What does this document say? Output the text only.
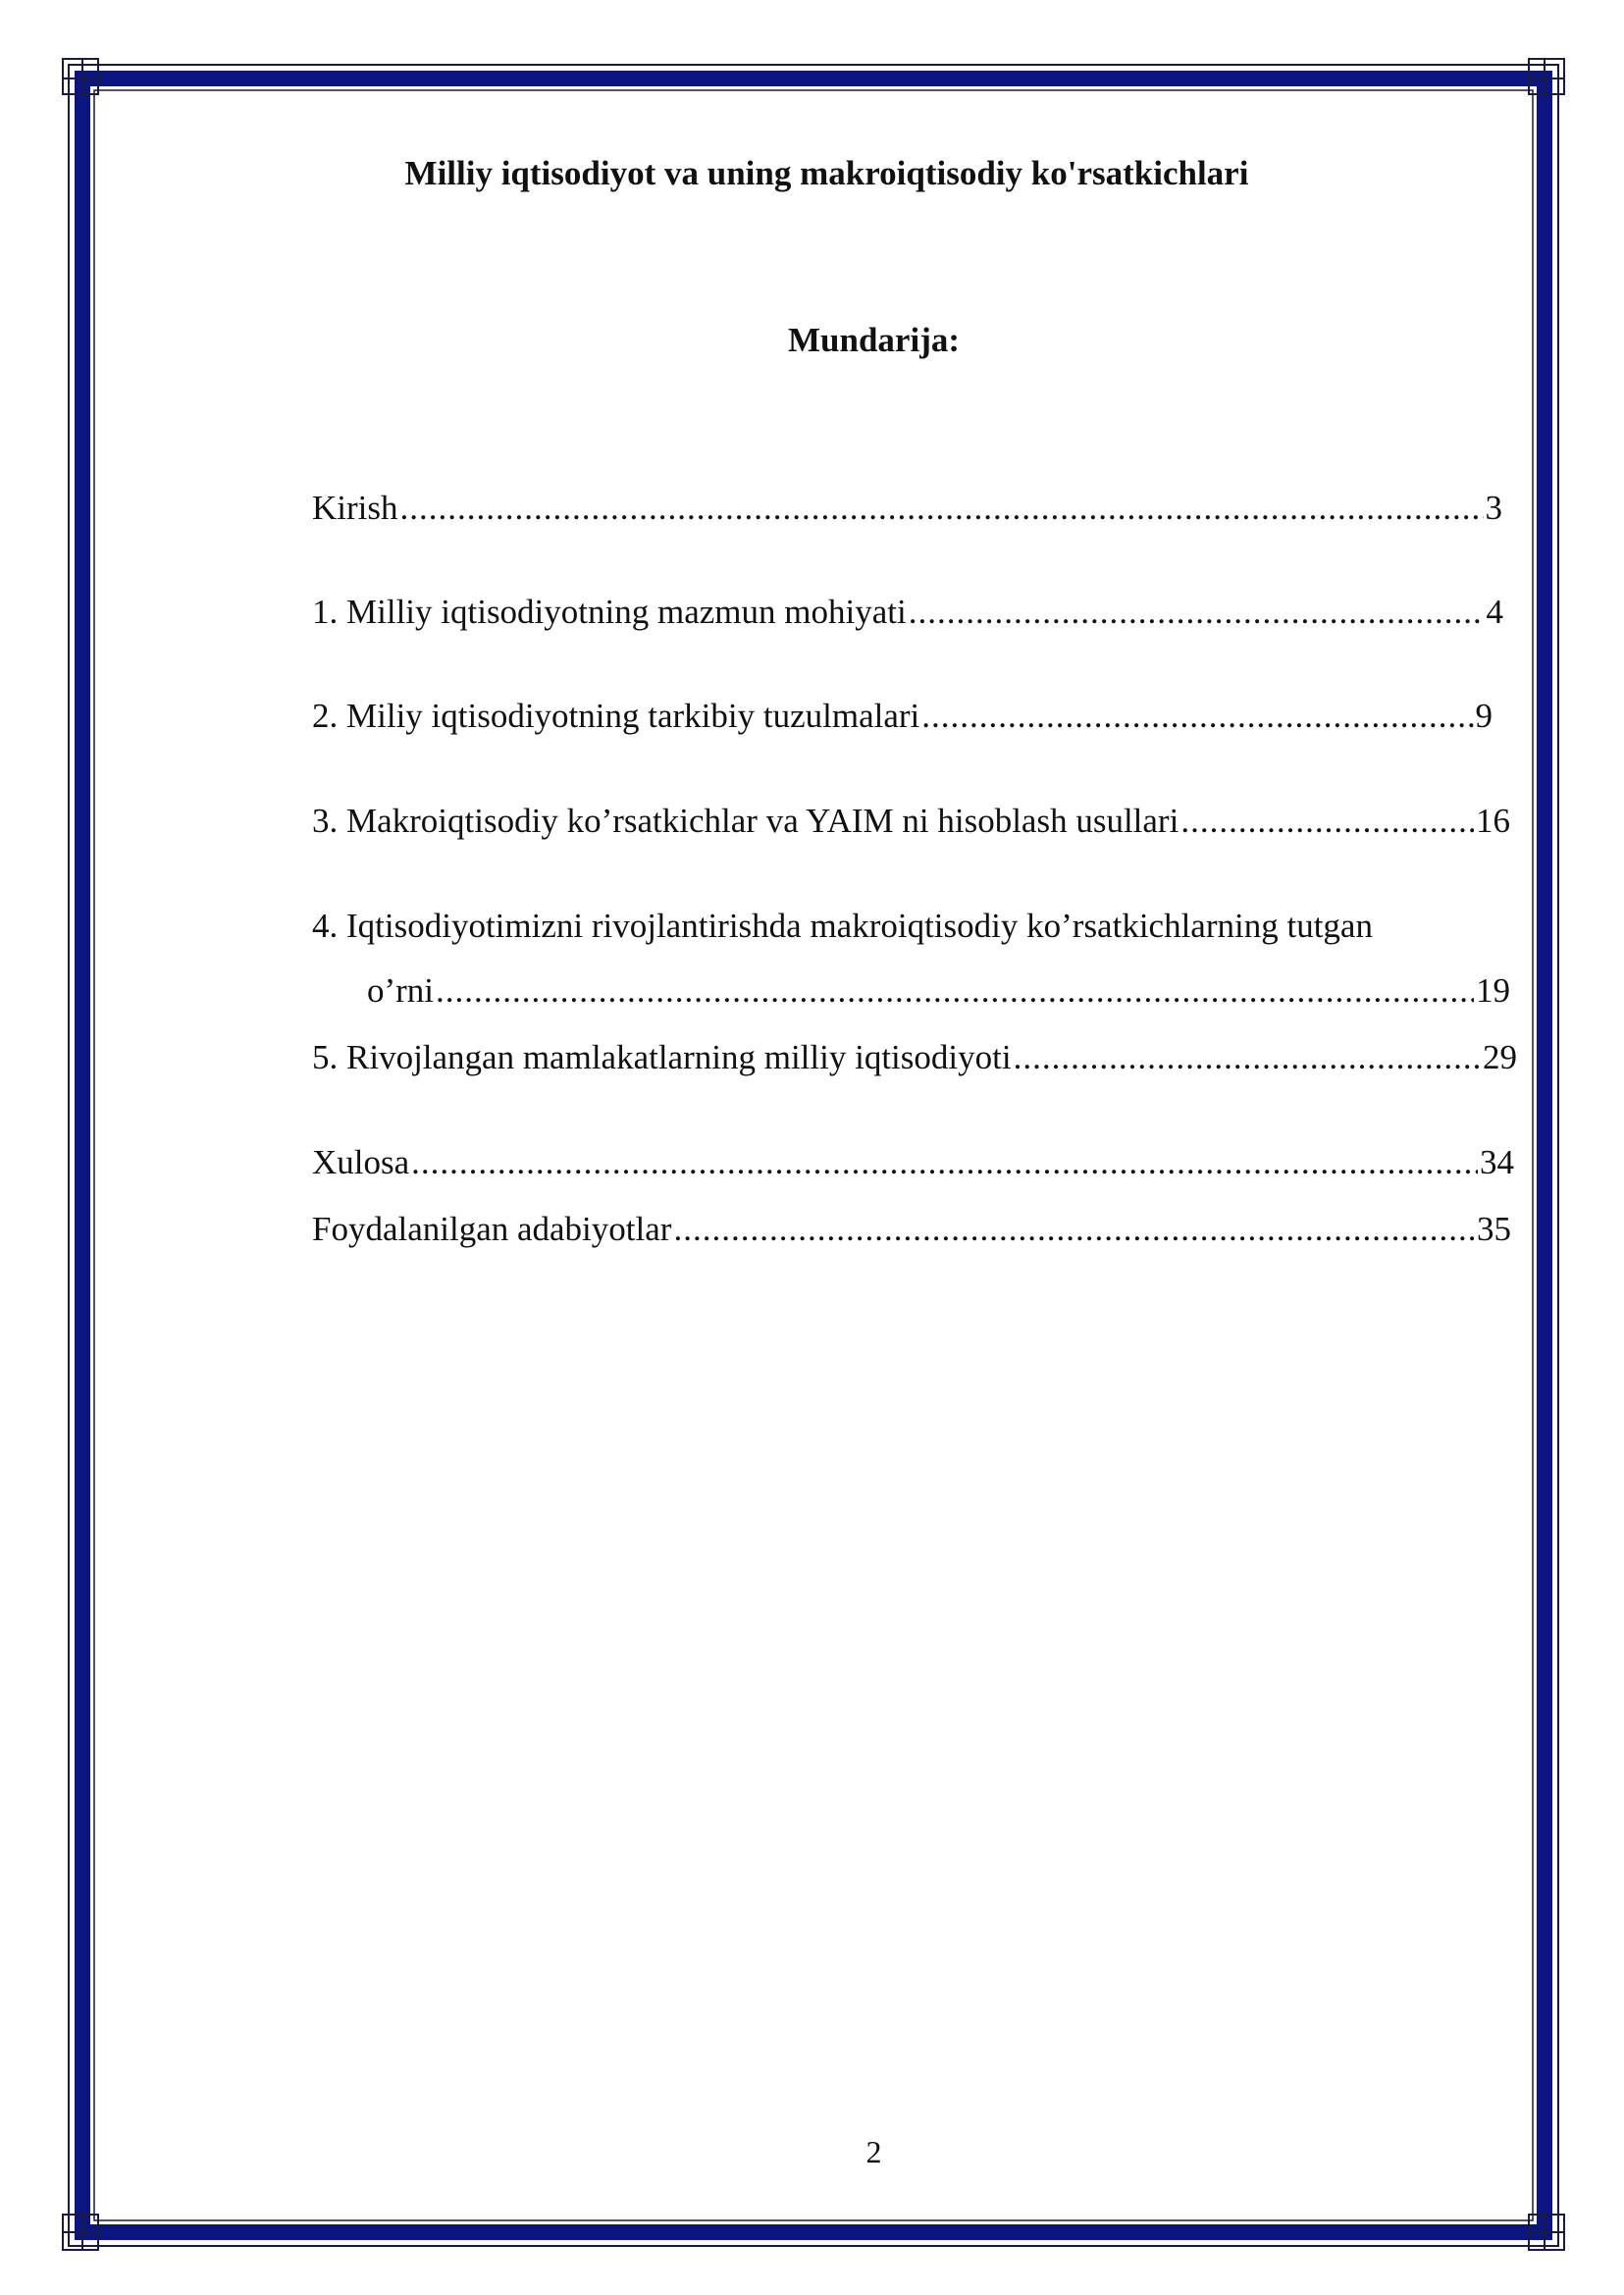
Milliy iqtisodiyot va uning makroiqtisodiy ko'rsatkichlari
Mundarija:
Kirish .....	3
1. Milliy iqtisodiyotning mazmun mohiyati .....	4
2. Miliy iqtisodiyotning tarkibiy tuzulmalari .....	9
3. Makroiqtisodiy ko’rsatkichlar va YAIM ni hisoblash usullari .....	16
4. Iqtisodiyotimizni rivojlantirishda makroiqtisodiy ko’rsatkichlarning tutgan
o’rni .....	19
5. Rivojlangan mamlakatlarning milliy iqtisodiyoti .....	29
Xulosa .....	34
Foydalanilgan adabiyotlar .....	35
2
